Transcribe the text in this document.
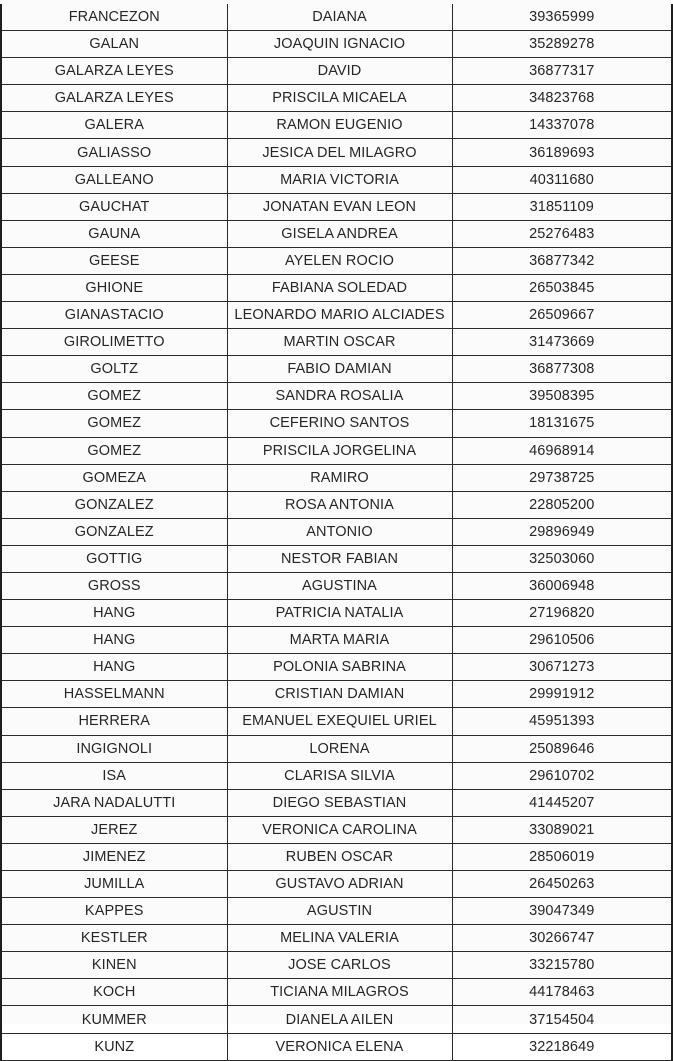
FRANCEZON	DAIANA	39365999
GALAN	JOAQUIN IGNACIO	35289278
GALARZA LEYES	DAVID	36877317
GALARZA LEYES	PRISCILA MICAELA	34823768
GALERA	RAMON EUGENIO	14337078
GALIASSO	JESICA DEL MILAGRO	36189693
GALLEANO	MARIA VICTORIA	40311680
GAUCHAT	JONATAN EVAN LEON	31851109
GAUNA	GISELA ANDREA	25276483
GEESE	AYELEN ROCIO	36877342
GHIONE	FABIANA SOLEDAD	26503845
GIANASTACIO	LEONARDO MARIO ALCIADES	26509667
GIROLIMETTO	MARTIN OSCAR	31473669
GOLTZ	FABIO DAMIAN	36877308
GOMEZ	SANDRA ROSALIA	39508395
GOMEZ	CEFERINO SANTOS	18131675
GOMEZ	PRISCILA JORGELINA	46968914
GOMEZA	RAMIRO	29738725
GONZALEZ	ROSA ANTONIA	22805200
GONZALEZ	ANTONIO	29896949
GOTTIG	NESTOR FABIAN	32503060
GROSS	AGUSTINA	36006948
HANG	PATRICIA NATALIA	27196820
HANG	MARTA MARIA	29610506
HANG	POLONIA SABRINA	30671273
HASSELMANN	CRISTIAN DAMIAN	29991912
HERRERA	EMANUEL EXEQUIEL URIEL	45951393
INGIGNOLI	LORENA	25089646
ISA	CLARISA SILVIA	29610702
JARA NADALUTTI	DIEGO SEBASTIAN	41445207
JEREZ	VERONICA CAROLINA	33089021
JIMENEZ	RUBEN OSCAR	28506019
JUMILLA	GUSTAVO ADRIAN	26450263
KAPPES	AGUSTIN	39047349
KESTLER	MELINA VALERIA	30266747
KINEN	JOSE CARLOS	33215780
KOCH	TICIANA MILAGROS	44178463
KUMMER	DIANELA AILEN	37154504
KUNZ	VERONICA ELENA	32218649
